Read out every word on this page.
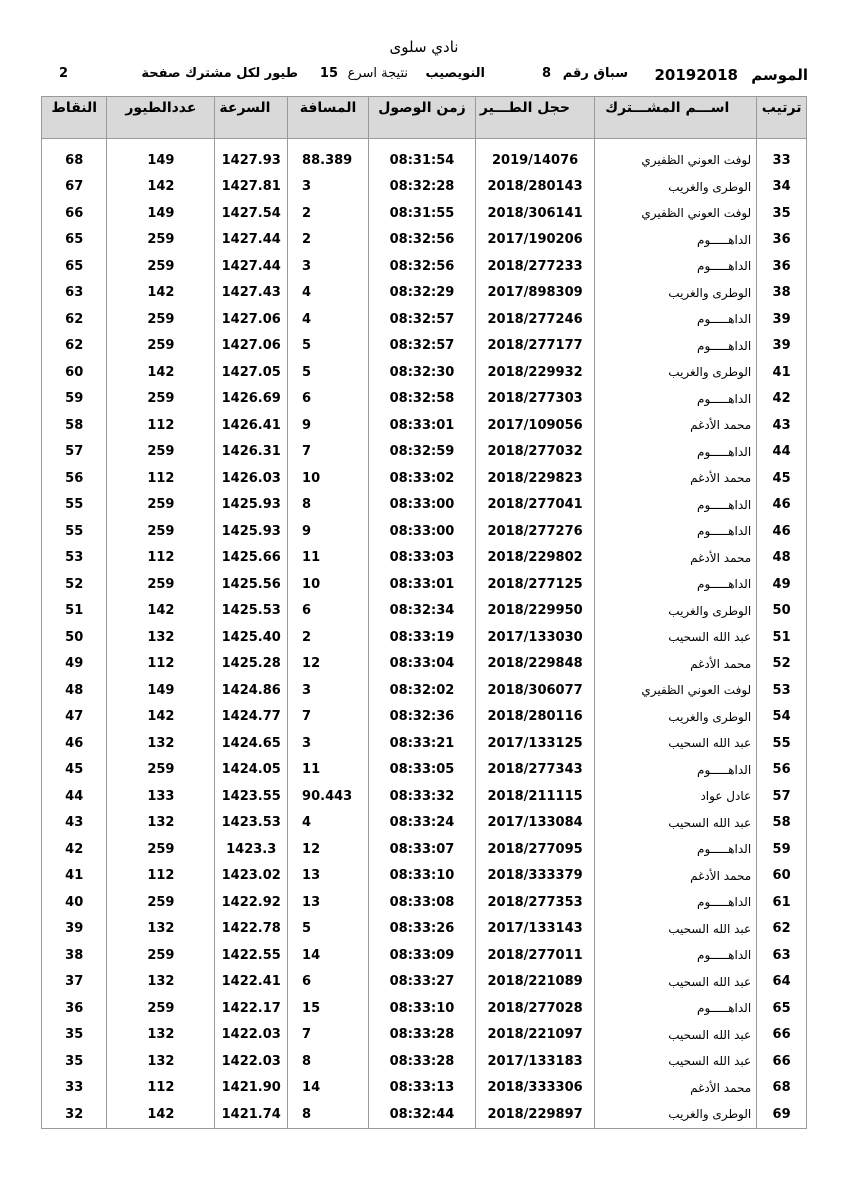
نادي سلوى
الموسم
20192018
سباق رقم
8
النويصيب
نتيجة اسرع
15
طيور لكل مشترك صفحة
2
ترتيب	اســـم المشـــترك	حجل الطـــير	زمن الوصول	المسافة	السرعة	عددالطيور	النقاط

33	لوفت العوني الظفيري	2019/14076	08:31:54	88.389	1427.93	149	68
34	الوطرى والغريب	2018/280143	08:32:28	3	1427.81	142	67
35	لوفت العوني الظفيري	2018/306141	08:31:55	2	1427.54	149	66
36	الداهـــــوم	2017/190206	08:32:56	2	1427.44	259	65
36	الداهـــــوم	2018/277233	08:32:56	3	1427.44	259	65
38	الوطرى والغريب	2017/898309	08:32:29	4	1427.43	142	63
39	الداهـــــوم	2018/277246	08:32:57	4	1427.06	259	62
39	الداهـــــوم	2018/277177	08:32:57	5	1427.06	259	62
41	الوطرى والغريب	2018/229932	08:32:30	5	1427.05	142	60
42	الداهـــــوم	2018/277303	08:32:58	6	1426.69	259	59
43	محمد الأدغم	2017/109056	08:33:01	9	1426.41	112	58
44	الداهـــــوم	2018/277032	08:32:59	7	1426.31	259	57
45	محمد الأدغم	2018/229823	08:33:02	10	1426.03	112	56
46	الداهـــــوم	2018/277041	08:33:00	8	1425.93	259	55
46	الداهـــــوم	2018/277276	08:33:00	9	1425.93	259	55
48	محمد الأدغم	2018/229802	08:33:03	11	1425.66	112	53
49	الداهـــــوم	2018/277125	08:33:01	10	1425.56	259	52
50	الوطرى والغريب	2018/229950	08:32:34	6	1425.53	142	51
51	عبد الله السحيب	2017/133030	08:33:19	2	1425.40	132	50
52	محمد الأدغم	2018/229848	08:33:04	12	1425.28	112	49
53	لوفت العوني الظفيري	2018/306077	08:32:02	3	1424.86	149	48
54	الوطرى والغريب	2018/280116	08:32:36	7	1424.77	142	47
55	عبد الله السحيب	2017/133125	08:33:21	3	1424.65	132	46
56	الداهـــــوم	2018/277343	08:33:05	11	1424.05	259	45
57	عادل عواد	2018/211115	08:33:32	90.443	1423.55	133	44
58	عبد الله السحيب	2017/133084	08:33:24	4	1423.53	132	43
59	الداهـــــوم	2018/277095	08:33:07	12	1423.3	259	42
60	محمد الأدغم	2018/333379	08:33:10	13	1423.02	112	41
61	الداهـــــوم	2018/277353	08:33:08	13	1422.92	259	40
62	عبد الله السحيب	2017/133143	08:33:26	5	1422.78	132	39
63	الداهـــــوم	2018/277011	08:33:09	14	1422.55	259	38
64	عبد الله السحيب	2018/221089	08:33:27	6	1422.41	132	37
65	الداهـــــوم	2018/277028	08:33:10	15	1422.17	259	36
66	عبد الله السحيب	2018/221097	08:33:28	7	1422.03	132	35
66	عبد الله السحيب	2017/133183	08:33:28	8	1422.03	132	35
68	محمد الأدغم	2018/333306	08:33:13	14	1421.90	112	33
69	الوطرى والغريب	2018/229897	08:32:44	8	1421.74	142	32
